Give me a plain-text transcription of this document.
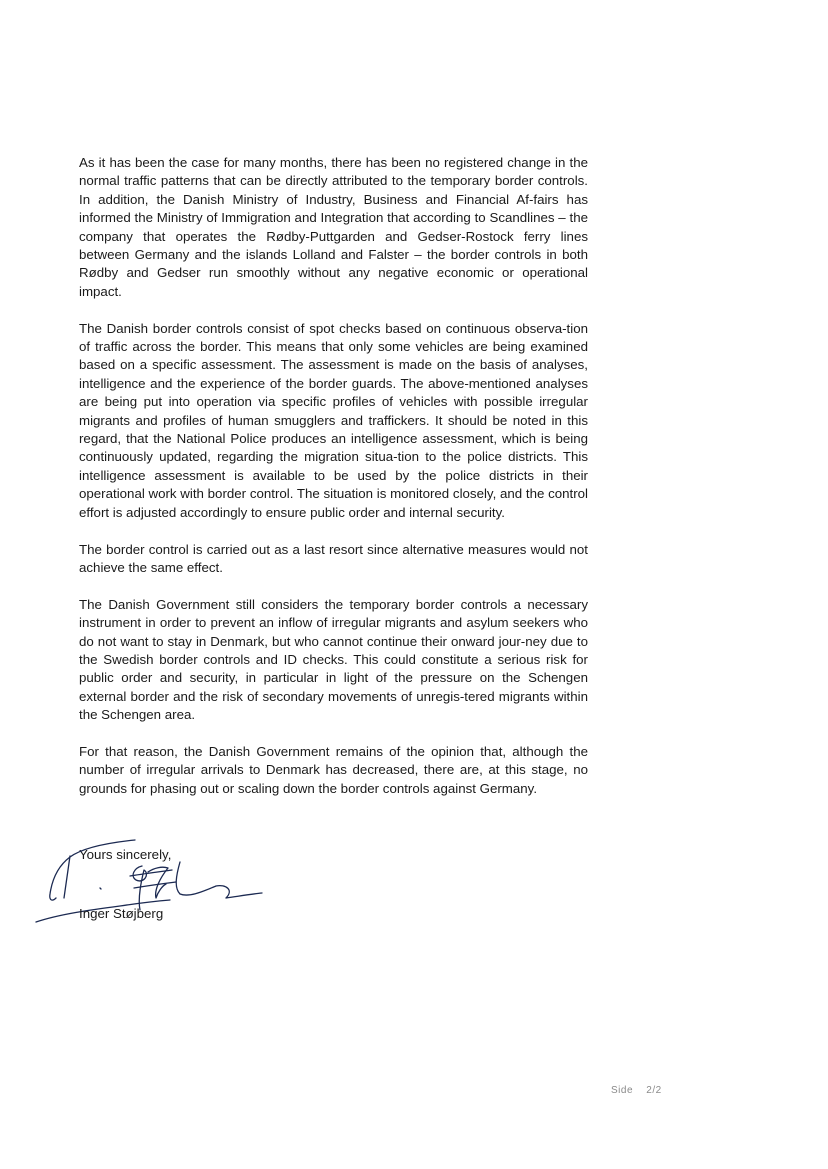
As it has been the case for many months, there has been no registered change in the normal traffic patterns that can be directly attributed to the temporary border controls. In addition, the Danish Ministry of Industry, Business and Financial Af-fairs has informed the Ministry of Immigration and Integration that according to Scandlines – the company that operates the Rødby-Puttgarden and Gedser-Rostock ferry lines between Germany and the islands Lolland and Falster – the border controls in both Rødby and Gedser run smoothly without any negative economic or operational impact.

The Danish border controls consist of spot checks based on continuous observa-tion of traffic across the border. This means that only some vehicles are being examined based on a specific assessment. The assessment is made on the basis of analyses, intelligence and the experience of the border guards. The above-mentioned analyses are being put into operation via specific profiles of vehicles with possible irregular migrants and profiles of human smugglers and traffickers. It should be noted in this regard, that the National Police produces an intelligence assessment, which is being continuously updated, regarding the migration situa-tion to the police districts. This intelligence assessment is available to be used by the police districts in their operational work with border control. The situation is monitored closely, and the control effort is adjusted accordingly to ensure public order and internal security.

The border control is carried out as a last resort since alternative measures would not achieve the same effect.

The Danish Government still considers the temporary border controls a necessary instrument in order to prevent an inflow of irregular migrants and asylum seekers who do not want to stay in Denmark, but who cannot continue their onward jour-ney due to the Swedish border controls and ID checks. This could constitute a serious risk for public order and security, in particular in light of the pressure on the Schengen external border and the risk of secondary movements of unregis-tered migrants within the Schengen area.

For that reason, the Danish Government remains of the opinion that, although the number of irregular arrivals to Denmark has decreased, there are, at this stage, no grounds for phasing out or scaling down the border controls against Germany.

Yours sincerely,
Inger Støjberg
Side 2/2
